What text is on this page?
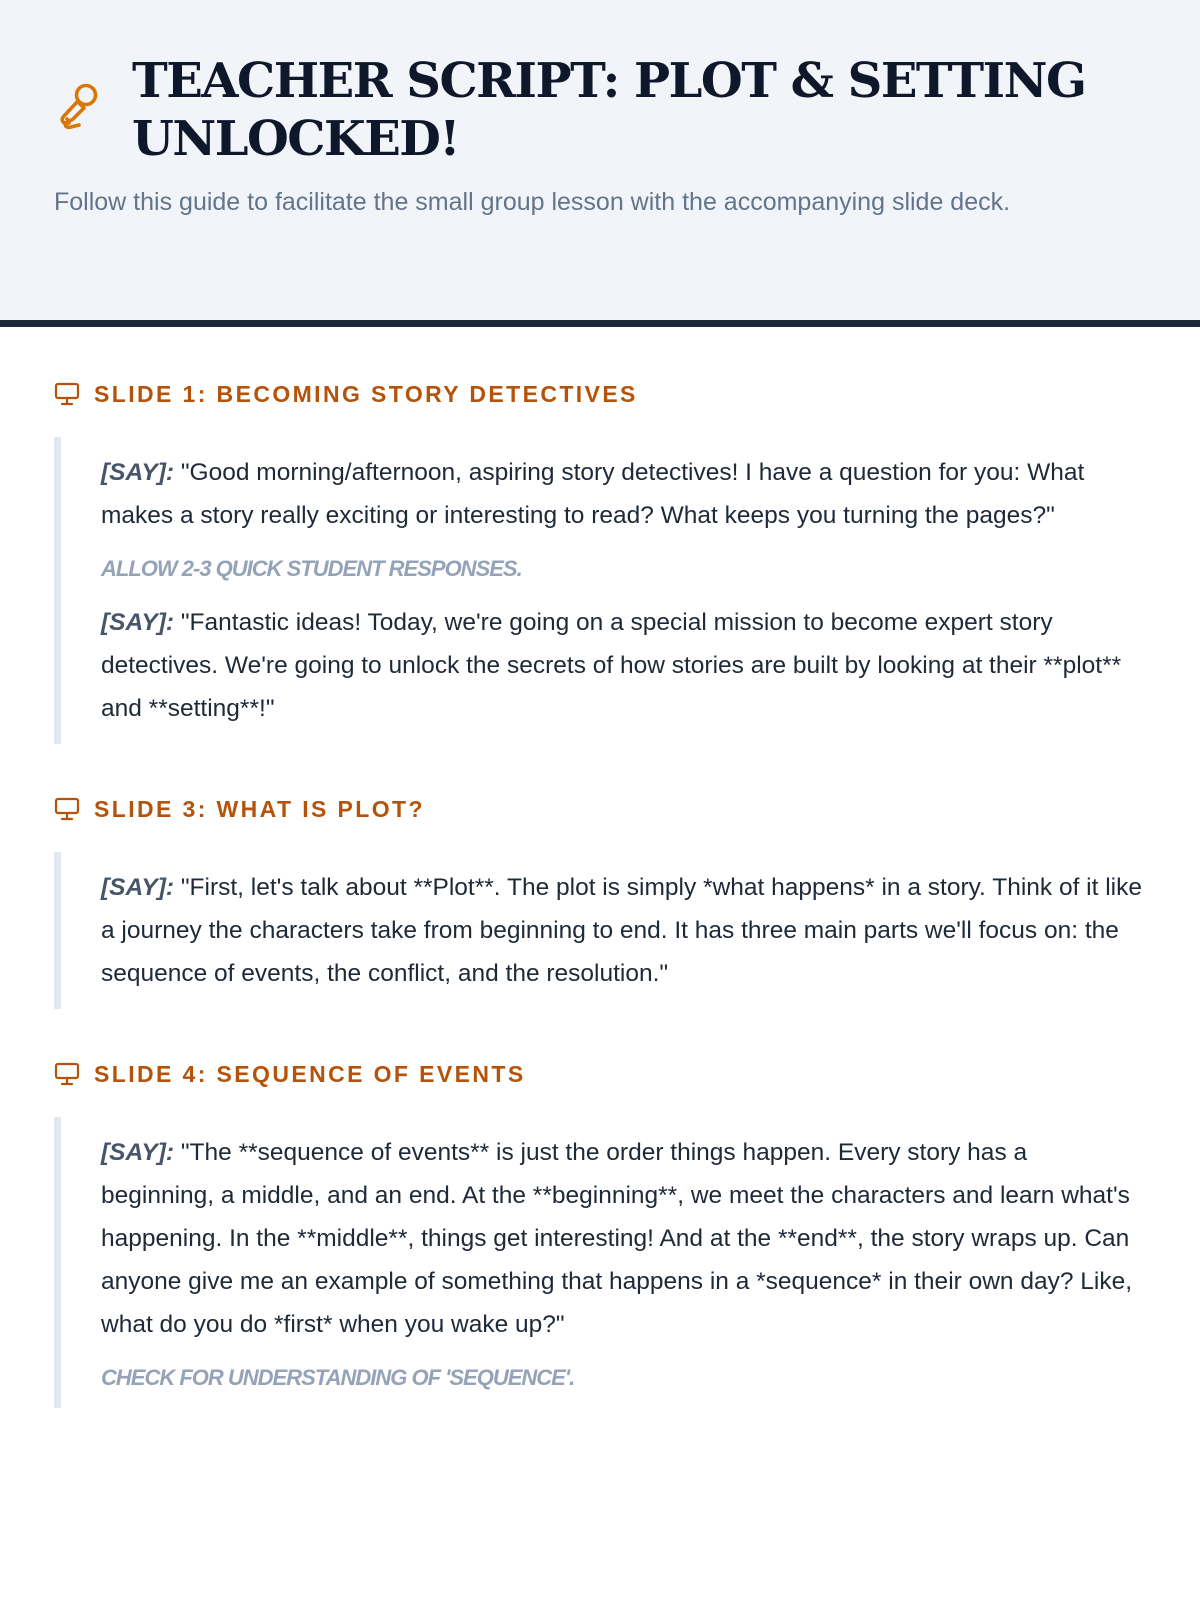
TEACHER SCRIPT: PLOT & SETTING UNLOCKED!

Follow this guide to facilitate the small group lesson with the accompanying slide deck.

SLIDE 1: BECOMING STORY DETECTIVES

[SAY]: "Good morning/afternoon, aspiring story detectives! I have a question for you: What makes a story really exciting or interesting to read? What keeps you turning the pages?"

ALLOW 2-3 QUICK STUDENT RESPONSES.

[SAY]: "Fantastic ideas! Today, we're going on a special mission to become expert story detectives. We're going to unlock the secrets of how stories are built by looking at their **plot** and **setting**!"

SLIDE 3: WHAT IS PLOT?

[SAY]: "First, let's talk about **Plot**. The plot is simply *what happens* in a story. Think of it like a journey the characters take from beginning to end. It has three main parts we'll focus on: the sequence of events, the conflict, and the resolution."

SLIDE 4: SEQUENCE OF EVENTS

[SAY]: "The **sequence of events** is just the order things happen. Every story has a beginning, a middle, and an end. At the **beginning**, we meet the characters and learn what's happening. In the **middle**, things get interesting! And at the **end**, the story wraps up. Can anyone give me an example of something that happens in a *sequence* in their own day? Like, what do you do *first* when you wake up?"

CHECK FOR UNDERSTANDING OF 'SEQUENCE'.
